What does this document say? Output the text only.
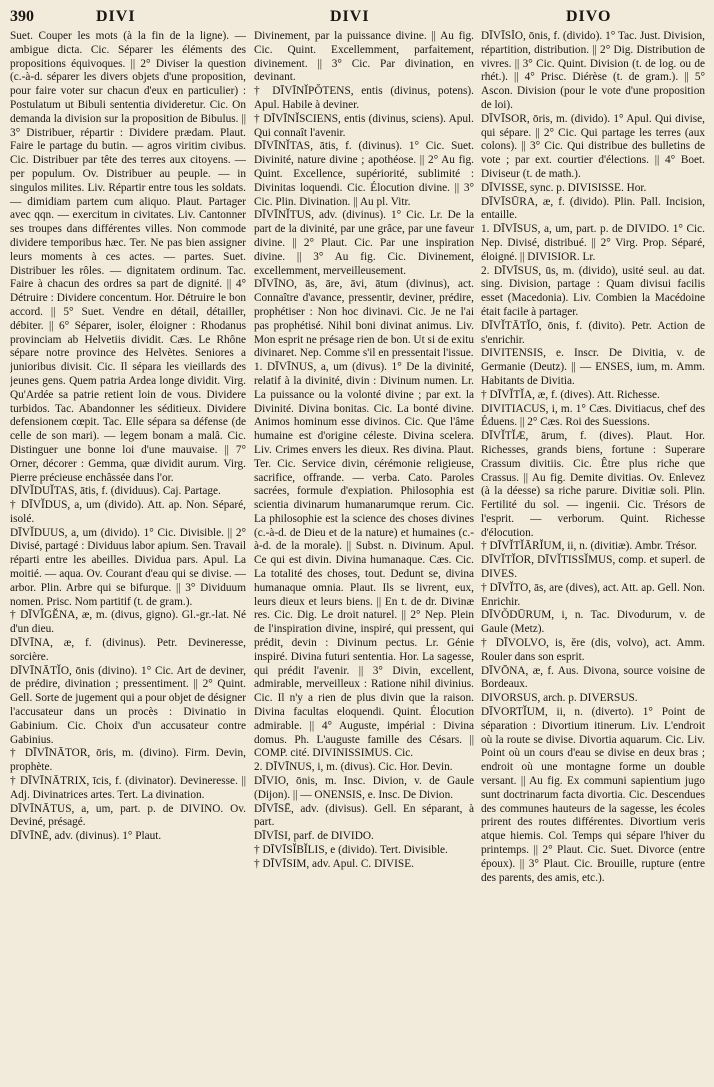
390	DIVI	DIVI	DIVO

Suet. Couper les mots (à la fin de la ligne). — ambigue dicta. Cic. Séparer les éléments des propositions équivoques. || 2° Diviser la question (c.-à-d. séparer les divers objets d'une proposition, pour faire voter sur chacun d'eux en particulier) : Postulatum ut Bibuli sententia divideretur. Cic. On demanda la division sur la proposition de Bibulus. || 3° Distribuer, répartir : Dividere prædam. Plaut. Faire le partage du butin. — agros viritim civibus. Cic. Distribuer par tête des terres aux citoyens. — per populum. Ov. Distribuer au peuple. — in singulos milites. Liv. Répartir entre tous les soldats. — dimidiam partem cum aliquo. Plaut. Partager avec qqn. — exercitum in civitates. Liv. Cantonner ses troupes dans différentes villes. Non commode dividere temporibus hæc. Ter. Ne pas bien assigner leurs moments à ces actes. — partes. Suet. Distribuer les rôles. — dignitatem ordinum. Tac. Faire à chacun des ordres sa part de dignité. || 4° Détruire : Dividere concentum. Hor. Détruire le bon accord. || 5° Suet. Vendre en détail, détailler, débiter. || 6° Séparer, isoler, éloigner : Rhodanus provinciam ab Helvetiis dividit. Cæs. Le Rhône sépare notre province des Helvètes. Seniores a junioribus divisit. Cic. Il sépara les vieillards des jeunes gens. Quem patria Ardea longe dividit. Virg. Qu'Ardée sa patrie retient loin de vous. Dividere turbidos. Tac. Abandonner les séditieux. Dividere defensionem cœpit. Tac. Elle sépara sa défense (de celle de son mari). — legem bonam a malâ. Cic. Distinguer une bonne loi d'une mauvaise. || 7° Orner, décorer : Gemma, quæ dividit aurum. Virg. Pierre précieuse enchâssée dans l'or.

DĪVĬDUĬTAS, ātis, f. (dividuus). Caj. Partage.

† DĪVĬDUS, a, um (divido). Att. ap. Non. Séparé, isolé.

DĪVĬDUUS, a, um (divido). 1° Cic. Divisible. || 2° Divisé, partagé : Dividuus labor apium. Sen. Travail réparti entre les abeilles. Dividua pars. Apul. La moitié. — aqua. Ov. Courant d'eau qui se divise. — arbor. Plin. Arbre qui se bifurque. || 3° Dividuum nomen. Prisc. Nom partitif (t. de gram.).

† DĪVĬGĔNA, æ, m. (divus, gigno). Gl.-gr.-lat. Né d'un dieu.

DĪVĪNA, æ, f. (divinus). Petr. Devineresse, sorcière.

DĪVĪNĀTĬO, ōnis (divino). 1° Cic. Art de deviner, de prédire, divination ; pressentiment. || 2° Quint. Gell. Sorte de jugement qui a pour objet de désigner l'accusateur dans un procès : Divinatio in Gabinium. Cic. Choix d'un accusateur contre Gabinius.

† DĪVĪNĀTOR, ōris, m. (divino). Firm. Devin, prophète.

† DĪVĪNĀTRIX, īcis, f. (divinator). Devineresse. || Adj. Divinatrices artes. Tert. La divination.

DĪVĪNĀTUS, a, um, part. p. de DIVINO. Ov. Deviné, présagé.

DĪVĪNĒ, adv. (divinus). 1° Plaut.

Divinement, par la puissance divine. || Au fig. Cic. Quint. Excellemment, parfaitement, divinement. || 3° Cic. Par divination, en devinant.

† DĪVĪNĬPŎTENS, entis (divinus, potens). Apul. Habile à deviner.

† DĪVĪNĬSCIENS, entis (divinus, sciens). Apul. Qui connaît l'avenir.

DĪVĪNĬTAS, ātis, f. (divinus). 1° Cic. Suet. Divinité, nature divine ; apothéose. || 2° Au fig. Quint. Excellence, supériorité, sublimité : Divinitas loquendi. Cic. Élocution divine. || 3° Cic. Plin. Divination. || Au pl. Vitr.

DĪVĪNĬTUS, adv. (divinus). 1° Cic. Lr. De la part de la divinité, par une grâce, par une faveur divine. || 2° Plaut. Cic. Par une inspiration divine. || 3° Au fig. Cic. Divinement, excellemment, merveilleusement.

DĪVĪNO, ās, āre, āvi, ātum (divinus), act. Connaître d'avance, pressentir, deviner, prédire, prophétiser : Non hoc divinavi. Cic. Je ne l'ai pas prophétisé. Nihil boni divinat animus. Liv. Mon esprit ne présage rien de bon. Ut si de exitu divinaret. Nep. Comme s'il en pressentait l'issue.

1. DĪVĪNUS, a, um (divus). 1° De la divinité, relatif à la divinité, divin : Divinum numen. Lr. La puissance ou la volonté divine ; par ext. la Divinité. Divina bonitas. Cic. La bonté divine. Animos hominum esse divinos. Cic. Que l'âme humaine est d'origine céleste. Divina scelera. Liv. Crimes envers les dieux. Res divina. Plaut. Ter. Cic. Service divin, cérémonie religieuse, sacrifice, offrande. — verba. Cato. Paroles sacrées, formule d'expiation. Philosophia est scientia divinarum humanarumque rerum. Cic. La philosophie est la science des choses divines (c.-à-d. de Dieu et de la nature) et humaines (c.-à-d. de la morale). || Subst. n. Divinum. Apul. Ce qui est divin. Divina humanaque. Cæs. Cic. La totalité des choses, tout. Dedunt se, divina humanaque omnia. Plaut. Ils se livrent, eux, leurs dieux et leurs biens. || En t. de dr. Divinæ res. Cic. Dig. Le droit naturel. || 2° Nep. Plein de l'inspiration divine, inspiré, qui pressent, qui prédit, devin : Divinum pectus. Lr. Génie inspiré. Divina futuri sententia. Hor. La sagesse, qui prédit l'avenir. || 3° Divin, excellent, admirable, merveilleux : Ratione nihil divinius. Cic. Il n'y a rien de plus divin que la raison. Divina facultas eloquendi. Quint. Élocution admirable. || 4° Auguste, impérial : Divina domus. Ph. L'auguste famille des Césars. || COMP. cité. DIVINISSIMUS. Cic.

2. DĪVĪNUS, i, m. (divus). Cic. Hor. Devin.

DĪVIO, ōnis, m. Insc. Divion, v. de Gaule (Dijon). || — ONENSIS, e. Insc. De Divion.

DĪVĪSĒ, adv. (divisus). Gell. En séparant, à part.

DĪVĪSI, parf. de DIVIDO.

† DĪVĪSĬBĬLIS, e (divido). Tert. Divisible.

† DĪVĪSIM, adv. Apul. C. DIVISE.

DĪVĪSĬO, ōnis, f. (divido). 1° Tac. Just. Division, répartition, distribution. || 2° Dig. Distribution de vivres. || 3° Cic. Quint. Division (t. de log. ou de rhét.). || 4° Prisc. Diérèse (t. de gram.). || 5° Ascon. Division (pour le vote d'une proposition de loi).

DĪVĪSOR, ōris, m. (divido). 1° Apul. Qui divise, qui sépare. || 2° Cic. Qui partage les terres (aux colons). || 3° Cic. Qui distribue des bulletins de vote ; par ext. courtier d'élections. || 4° Boet. Diviseur (t. de math.).

DĪVISSE, sync. p. DIVISISSE. Hor.

DĪVĪSŪRA, æ, f. (divido). Plin. Pall. Incision, entaille.

1. DĪVĪSUS, a, um, part. p. de DIVIDO. 1° Cic. Nep. Divisé, distribué. || 2° Virg. Prop. Séparé, éloigné. || DIVISIOR. Lr.

2. DĪVĪSUS, ūs, m. (divido), usité seul. au dat. sing. Division, partage : Quam divisui facilis esset (Macedonia). Liv. Combien la Macédoine était facile à partager.

DĪVĬTĀTĬO, ōnis, f. (divito). Petr. Action de s'enrichir.

DIVITENSIS, e. Inscr. De Divitia, v. de Germanie (Deutz). || — ENSES, ium, m. Amm. Habitants de Divitia.

† DĪVĬTĬA, æ, f. (dives). Att. Richesse.

DIVITIACUS, i, m. 1° Cæs. Divitiacus, chef des Éduens. || 2° Cæs. Roi des Suessions.

DĪVĬTĬÆ, ārum, f. (dives). Plaut. Hor. Richesses, grands biens, fortune : Superare Crassum divitiis. Cic. Être plus riche que Crassus. || Au fig. Demite divitias. Ov. Enlevez (à la déesse) sa riche parure. Divitiæ soli. Plin. Fertilité du sol. — ingenii. Cic. Trésors de l'esprit. — verborum. Quint. Richesse d'élocution.

† DĪVĬTĬĀRĬUM, ii, n. (divitiæ). Ambr. Trésor.

DĪVĬTĬOR, DĪVĬTISSĬMUS, comp. et superl. de DIVES.

† DĪVĬTO, ās, are (dives), act. Att. ap. Gell. Non. Enrichir.

DĪVŎDŪRUM, i, n. Tac. Divodurum, v. de Gaule (Metz).

† DĪVOLVO, is, ĕre (dis, volvo), act. Amm. Rouler dans son esprit.

DĪVŌNA, æ, f. Aus. Divona, source voisine de Bordeaux.

DIVORSUS, arch. p. DIVERSUS.

DĪVORTĬUM, ii, n. (diverto). 1° Point de séparation : Divortium itinerum. Liv. L'endroit où la route se divise. Divortia aquarum. Cic. Liv. Point où un cours d'eau se divise en deux bras ; endroit où une montagne forme un double versant. || Au fig. Ex communi sapientium jugo sunt doctrinarum facta divortia. Cic. Descendues des communes hauteurs de la sagesse, les écoles prirent des routes différentes. Divortium veris atque hiemis. Col. Temps qui sépare l'hiver du printemps. || 2° Plaut. Cic. Suet. Divorce (entre époux). || 3° Plaut. Cic. Brouille, rupture (entre des parents, des amis, etc.).
